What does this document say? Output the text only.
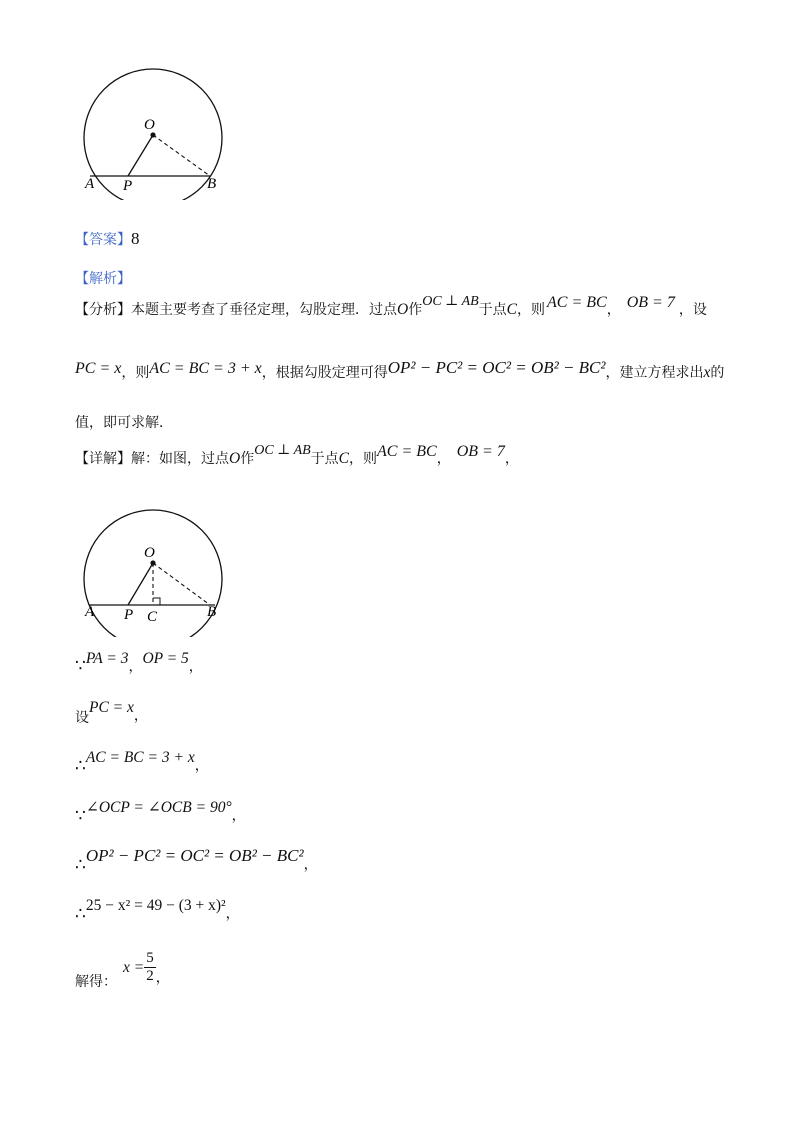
O
A P	B
【答案】8
【解析】
【分析】本题主要考查了垂径定理，勾股定理．过点O作OC ⊥ AB于点C，则 AC = BC， OB = 7 ，设
PC = x，则AC = BC = 3 + x，根据勾股定理可得OP² − PC² = OC² = OB² − BC²，建立方程求出x的
值，即可求解．
【详解】解：如图，过点O作OC ⊥ AB于点C，则AC = BC， OB = 7，
O
A P C	B
∵PA = 3，OP = 5，
设PC = x，
∴AC = BC = 3 + x，
∵∠OCP = ∠OCB = 90°，
∴OP² − PC² = OC² = OB² − BC²，
∴25 − x² = 49 − (3 + x)²，
解得：$x = \frac{5}{2}$ ，
